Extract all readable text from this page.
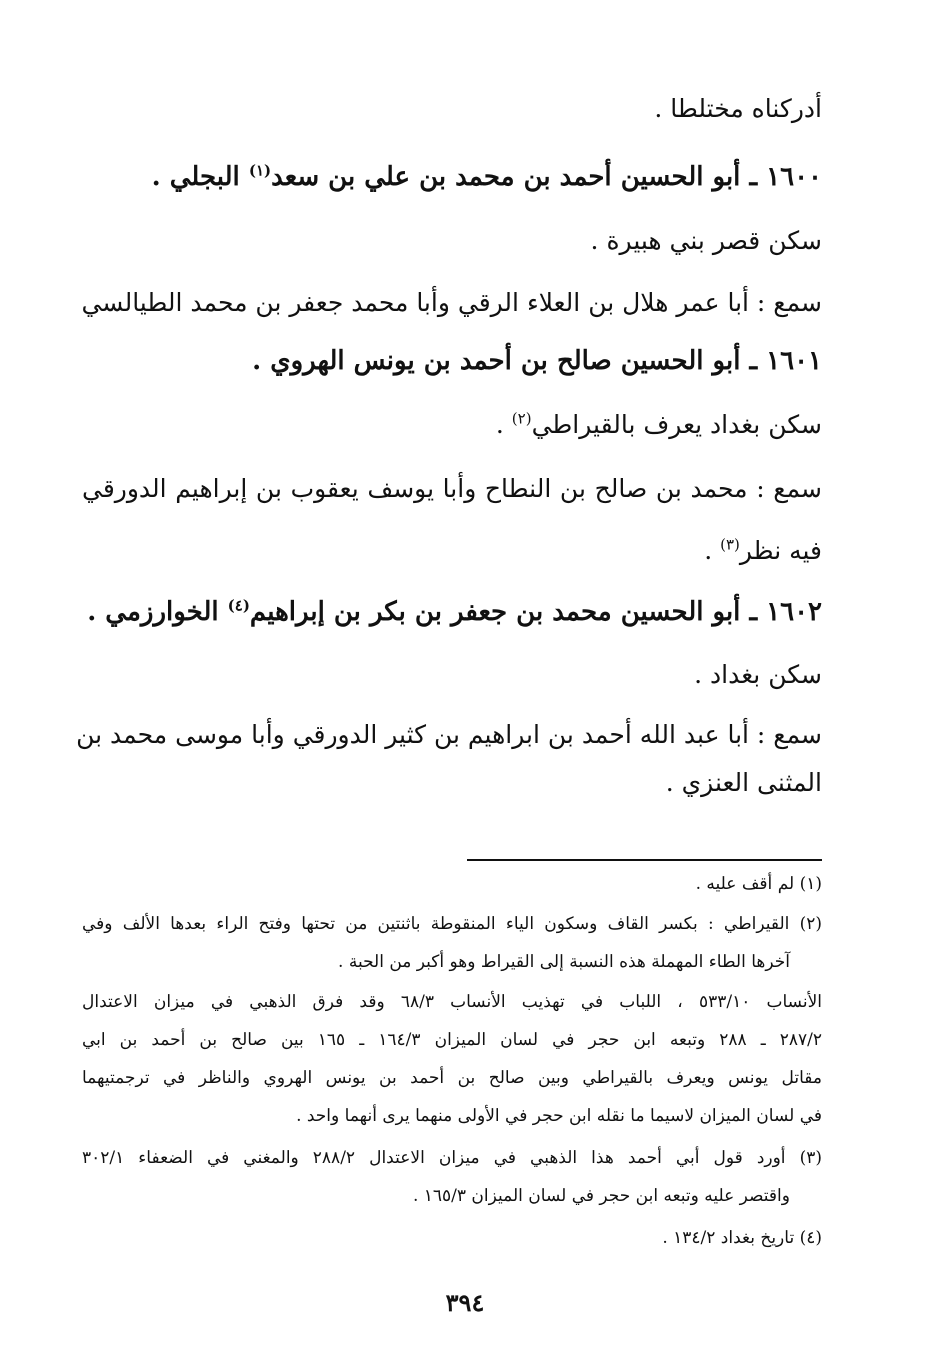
أدركناه مختلطا .
١٦٠٠ ـ أبو الحسين أحمد بن محمد بن علي بن سعد$^{(١)}$ البجلي .
سكن قصر بني هبيرة .
سمع : أبا عمر هلال بن العلاء الرقي وأبا محمد جعفر بن محمد الطيالسي
١٦٠١ ـ أبو الحسين صالح بن أحمد بن يونس الهروي .
سكن بغداد يعرف بالقيراطي$^{(٢)}$ .
سمع : محمد بن صالح بن النطاح وأبا يوسف يعقوب بن إبراهيم الدورقي
فيه نظر$^{(٣)}$ .
١٦٠٢ ـ أبو الحسين محمد بن جعفر بن بكر بن إبراهيم$^{(٤)}$ الخوارزمي .
سكن بغداد .
سمع : أبا عبد الله أحمد بن ابراهيم بن كثير الدورقي وأبا موسى محمد بن
المثنى العنزي .
(١) لم أقف عليه .
(٢) القيراطي : بكسر القاف وسكون الياء المنقوطة باثنتين من تحتها وفتح الراء بعدها الألف وفي
آخرها الطاء المهملة هذه النسبة إلى القيراط وهو أكبر من الحبة .
الأنساب ٥٣٣/١٠ ، اللباب في تهذيب الأنساب ٦٨/٣ وقد فرق الذهبي في ميزان الاعتدال
٢٨٧/٢ ـ ٢٨٨ وتبعه ابن حجر في لسان الميزان ١٦٤/٣ ـ ١٦٥ بين صالح بن أحمد بن ابي
مقاتل يونس ويعرف بالقيراطي وبين صالح بن أحمد بن يونس الهروي والناظر في ترجمتيهما
في لسان الميزان لاسيما ما نقله ابن حجر في الأولى منهما يرى أنهما واحد .
(٣) أورد قول أبي أحمد هذا الذهبي في ميزان الاعتدال ٢٨٨/٢ والمغني في الضعفاء ٣٠٢/١
واقتصر عليه وتبعه ابن حجر في لسان الميزان ١٦٥/٣ .
(٤) تاريخ بغداد ١٣٤/٢ .
٣٩٤
